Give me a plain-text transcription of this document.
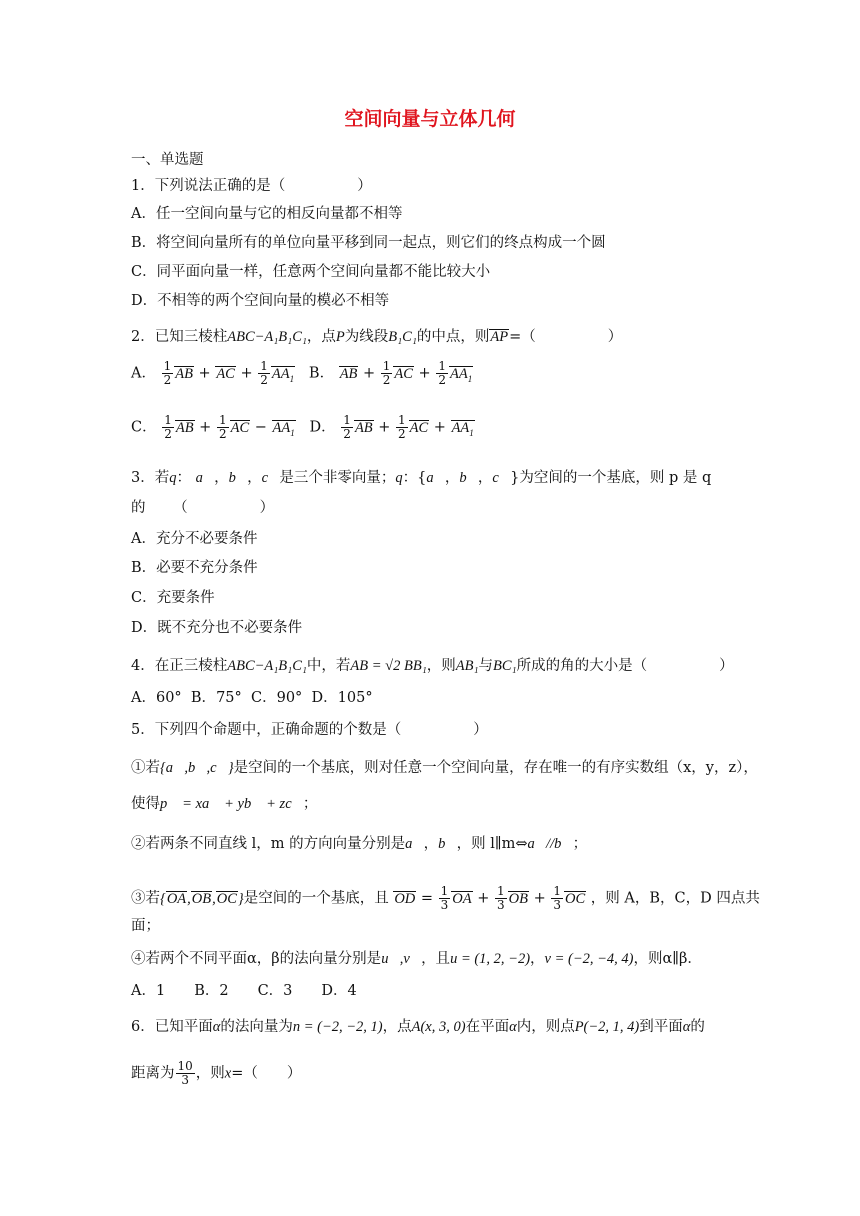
空间向量与立体几何
一、单选题
1．下列说法正确的是（	）
A．任一空间向量与它的相反向量都不相等
B．将空间向量所有的单位向量平移到同一起点，则它们的终点构成一个圆
C．同平面向量一样，任意两个空间向量都不能比较大小
D．不相等的两个空间向量的模必不相等
2．已知三棱柱ABC−A₁B₁C₁，点P为线段B₁C₁的中点，则AP=（	）
A． $\frac{1}{2}$ AB + AC + $\frac{1}{2} AA_1$ B． AB + $\frac{1}{2}$ AC + $\frac{1}{2} AA_1$
C． $\frac{1}{2}$ AB + $\frac{1}{2}$ AC − $AA_1$ D． $\frac{1}{2}$ AB + $\frac{1}{2}$ AC + $AA_1$
3．若q： a⃗，b⃗，c⃗是三个非零向量；q：{a⃗，b⃗，c⃗}为空间的一个基底，则 p 是 q
的 （	）
A．充分不必要条件
B．必要不充分条件
C．充要条件
D．既不充分也不必要条件
4．在正三棱柱ABC−A₁B₁C₁中，若AB = √2 BB₁，则AB₁与BC₁所成的角的大小是（	）
A．60° B．75° C．90° D．105°
5．下列四个命题中，正确命题的个数是（	）
①若{a⃗,b⃗,c⃗}是空间的一个基底，则对任意一个空间向量，存在唯一的有序实数组（x，y，z），
使得p⃗ = xa⃗ + yb⃗ + zc⃗；
②若两条不同直线 l，m 的方向向量分别是a⃗，b⃗，则 l∥m⇔a⃗//b⃗；
③若{OA,OB,OC}是空间的一个基底，且 OD = $\frac{1}{3}$ OA + $\frac{1}{3}$ OB + $\frac{1}{3}$ OC ，则 A，B，C，D 四点共
面；
④若两个不同平面α，β的法向量分别是u⃗,v⃗，且u = (1, 2, −2)，v = (−2, −4, 4)，则α∥β．
A．1　　B．2　　C．3　　D．4
6．已知平面α的法向量为n = (−2, −2, 1)，点A(x, 3, 0)在平面α内，则点P(−2, 1, 4)到平面α的
距离为 $\frac{10}{3}$ ，则x=（　　）
